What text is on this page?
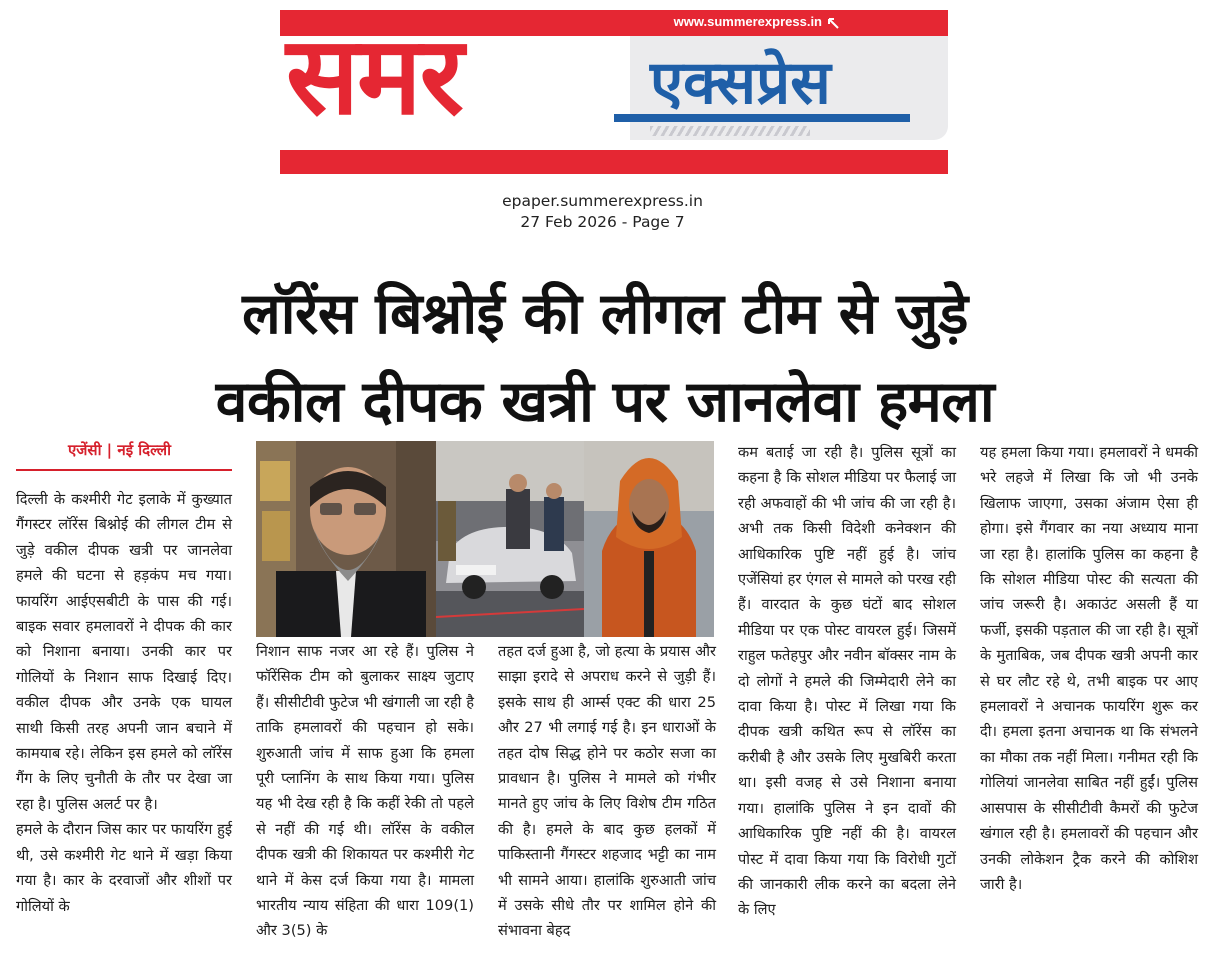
www.summerexpress.in
समर	एक्सप्रेस
epaper.summerexpress.in
27 Feb 2026 - Page 7
लॉरेंस बिश्नोई की लीगल टीम से जुड़े
वकील दीपक खत्री पर जानलेवा हमला
एजेंसी | नई दिल्ली

दिल्ली के कश्मीरी गेट इलाके में कुख्यात गैंगस्टर लॉरेंस बिश्नोई की लीगल टीम से जुड़े वकील दीपक खत्री पर जानलेवा हमले की घटना से हड़कंप मच गया। फायरिंग आईएसबीटी के पास की गई। बाइक सवार हमलावरों ने दीपक की कार को निशाना बनाया। उनकी कार पर गोलियों के निशान साफ दिखाई दिए। वकील दीपक और उनके एक घायल साथी किसी तरह अपनी जान बचाने में कामयाब रहे। लेकिन इस हमले को लॉरेंस गैंग के लिए चुनौती के तौर पर देखा जा रहा है। पुलिस अलर्ट पर है।

हमले के दौरान जिस कार पर फायरिंग हुई थी, उसे कश्मीरी गेट थाने में खड़ा किया गया है। कार के दरवाजों और शीशों पर गोलियों के

निशान साफ नजर आ रहे हैं। पुलिस ने फॉरेंसिक टीम को बुलाकर साक्ष्य जुटाए हैं। सीसीटीवी फुटेज भी खंगाली जा रही है ताकि हमलावरों की पहचान हो सके। शुरुआती जांच में साफ हुआ कि हमला पूरी प्लानिंग के साथ किया गया। पुलिस यह भी देख रही है कि कहीं रेकी तो पहले से नहीं की गई थी। लॉरेंस के वकील दीपक खत्री की शिकायत पर कश्मीरी गेट थाने में केस दर्ज किया गया है। मामला भारतीय न्याय संहिता की धारा 109(1) और 3(5) के

तहत दर्ज हुआ है, जो हत्या के प्रयास और साझा इरादे से अपराध करने से जुड़ी हैं। इसके साथ ही आर्म्स एक्ट की धारा 25 और 27 भी लगाई गई है। इन धाराओं के तहत दोष सिद्ध होने पर कठोर सजा का प्रावधान है। पुलिस ने मामले को गंभीर मानते हुए जांच के लिए विशेष टीम गठित की है। हमले के बाद कुछ हलकों में पाकिस्तानी गैंगस्टर शहजाद भट्टी का नाम भी सामने आया। हालांकि शुरुआती जांच में उसके सीधे तौर पर शामिल होने की संभावना बेहद

कम बताई जा रही है। पुलिस सूत्रों का कहना है कि सोशल मीडिया पर फैलाई जा रही अफवाहों की भी जांच की जा रही है। अभी तक किसी विदेशी कनेक्शन की आधिकारिक पुष्टि नहीं हुई है। जांच एजेंसियां हर एंगल से मामले को परख रही हैं। वारदात के कुछ घंटों बाद सोशल मीडिया पर एक पोस्ट वायरल हुई। जिसमें राहुल फतेहपुर और नवीन बॉक्सर नाम के दो लोगों ने हमले की जिम्मेदारी लेने का दावा किया है। पोस्ट में लिखा गया कि दीपक खत्री कथित रूप से लॉरेंस का करीबी है और उसके लिए मुखबिरी करता था। इसी वजह से उसे निशाना बनाया गया। हालांकि पुलिस ने इन दावों की आधिकारिक पुष्टि नहीं की है। वायरल पोस्ट में दावा किया गया कि विरोधी गुटों की जानकारी लीक करने का बदला लेने के लिए

यह हमला किया गया। हमलावरों ने धमकी भरे लहजे में लिखा कि जो भी उनके खिलाफ जाएगा, उसका अंजाम ऐसा ही होगा। इसे गैंगवार का नया अध्याय माना जा रहा है। हालांकि पुलिस का कहना है कि सोशल मीडिया पोस्ट की सत्यता की जांच जरूरी है। अकाउंट असली हैं या फर्जी, इसकी पड़ताल की जा रही है। सूत्रों के मुताबिक, जब दीपक खत्री अपनी कार से घर लौट रहे थे, तभी बाइक पर आए हमलावरों ने अचानक फायरिंग शुरू कर दी। हमला इतना अचानक था कि संभलने का मौका तक नहीं मिला। गनीमत रही कि गोलियां जानलेवा साबित नहीं हुईं। पुलिस आसपास के सीसीटीवी कैमरों की फुटेज खंगाल रही है। हमलावरों की पहचान और उनकी लोकेशन ट्रैक करने की कोशिश जारी है।
